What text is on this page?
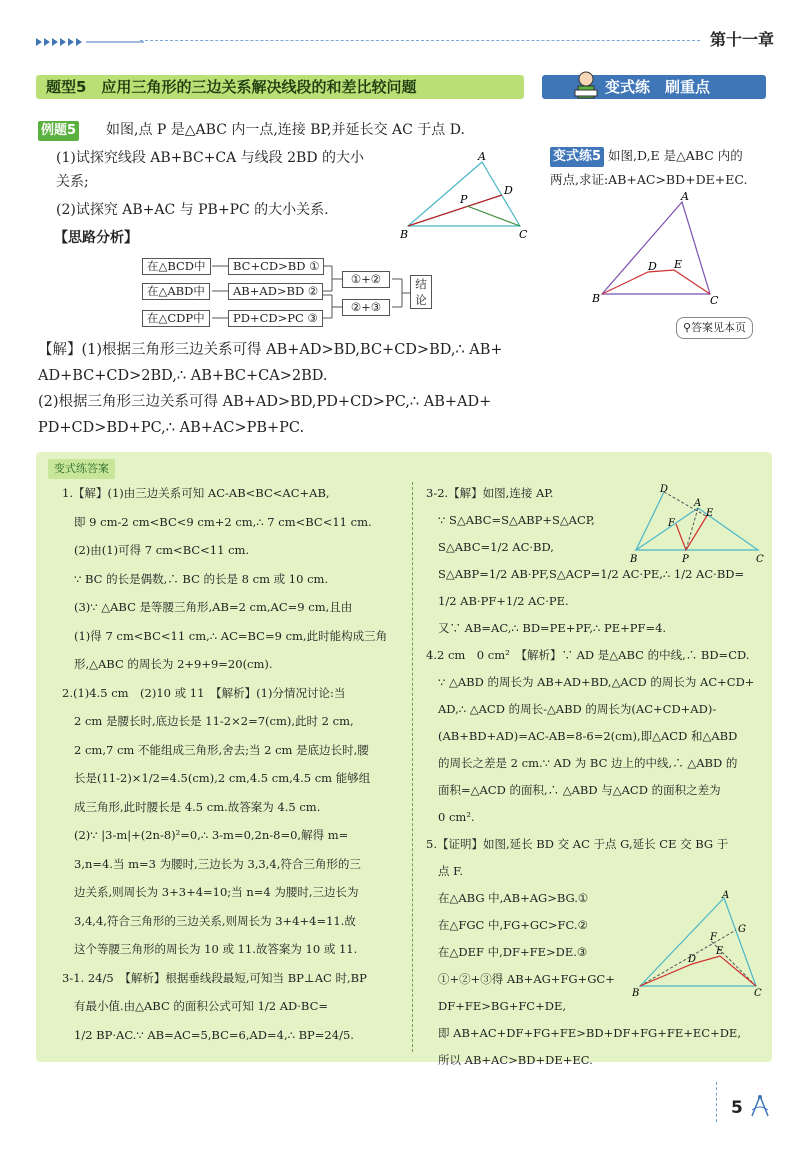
第十一章
题型5　应用三角形的三边关系解决线段的和差比较问题	变式练　刷重点
例题5 如图,点 P 是△ABC 内一点,连接 BP,并延长交 AC 于点 D.
(1)试探究线段 AB+BC+CA 与线段 2BD 的大小
关系;
(2)试探究 AB+AC 与 PB+PC 的大小关系.
【思路分析】
A
B	C
D
P
在△BCD中
在△ABD中
在△CDP中
BC+CD>BD ①
AB+AD>BD ②
PD+CD>PC ③
①+②
②+③
结论
【解】(1)根据三角形三边关系可得 AB+AD>BD,BC+CD>BD,∴ AB+
AD+BC+CD>2BD,∴ AB+BC+CA>2BD.
(2)根据三角形三边关系可得 AB+AD>BD,PD+CD>PC,∴ AB+AD+
PD+CD>BD+PC,∴ AB+AC>PB+PC.
变式练5 如图,D,E 是△ABC 内的
两点,求证:AB+AC>BD+DE+EC.
A
B	C
D E
⚲答案见本页
变式练答案
1.【解】(1)由三边关系可知 AC-AB<BC<AC+AB,
即 9 cm-2 cm<BC<9 cm+2 cm,∴ 7 cm<BC<11 cm.
(2)由(1)可得 7 cm<BC<11 cm.
∵ BC 的长是偶数,∴ BC 的长是 8 cm 或 10 cm.
(3)∵ △ABC 是等腰三角形,AB=2 cm,AC=9 cm,且由
(1)得 7 cm<BC<11 cm,∴ AC=BC=9 cm,此时能构成三角
形,△ABC 的周长为 2+9+9=20(cm).
2.(1)4.5 cm　(2)10 或 11　【解析】(1)分情况讨论:当
2 cm 是腰长时,底边长是 11-2×2=7(cm),此时 2 cm,
2 cm,7 cm 不能组成三角形,舍去;当 2 cm 是底边长时,腰
长是(11-2)×1/2=4.5(cm),2 cm,4.5 cm,4.5 cm 能够组
成三角形,此时腰长是 4.5 cm.故答案为 4.5 cm.
(2)∵ |3-m|+(2n-8)²=0,∴ 3-m=0,2n-8=0,解得 m=
3,n=4.当 m=3 为腰时,三边长为 3,3,4,符合三角形的三
边关系,则周长为 3+3+4=10;当 n=4 为腰时,三边长为
3,4,4,符合三角形的三边关系,则周长为 3+4+4=11.故
这个等腰三角形的周长为 10 或 11.故答案为 10 或 11.
3-1. 24/5　【解析】根据垂线段最短,可知当 BP⊥AC 时,BP
有最小值.由△ABC 的面积公式可知 1/2 AD·BC=
1/2 BP·AC.∵ AB=AC=5,BC=6,AD=4,∴ BP=24/5.
3-2.【解】如图,连接 AP.
∵ S△ABC=S△ABP+S△ACP,
S△ABC=1/2 AC·BD,
S△ABP=1/2 AB·PF,S△ACP=1/2 AC·PE,∴ 1/2 AC·BD=
1/2 AB·PF+1/2 AC·PE.
又∵ AB=AC,∴ BD=PE+PF,∴ PE+PF=4.
4.2 cm　0 cm²　【解析】∵ AD 是△ABC 的中线,∴ BD=CD.
∵ △ABD 的周长为 AB+AD+BD,△ACD 的周长为 AC+CD+
AD,∴ △ACD 的周长-△ABD 的周长为(AC+CD+AD)-
(AB+BD+AD)=AC-AB=8-6=2(cm),即△ACD 和△ABD
的周长之差是 2 cm.∵ AD 为 BC 边上的中线,∴ △ABD 的
面积=△ACD 的面积,∴ △ABD 与△ACD 的面积之差为
0 cm².
5.【证明】如图,延长 BD 交 AC 于点 G,延长 CE 交 BG 于
点 F.
在△ABG 中,AB+AG>BG.①
在△FGC 中,FG+GC>FC.②
在△DEF 中,DF+FE>DE.③
①+②+③得 AB+AG+FG+GC+
DF+FE>BG+FC+DE,
即 AB+AC+DF+FG+FE>BD+DF+FG+FE+EC+DE,
所以 AB+AC>BD+DE+EC.
D
A
E
F
B	P	C
A
G
F
D
E
B	C
5
